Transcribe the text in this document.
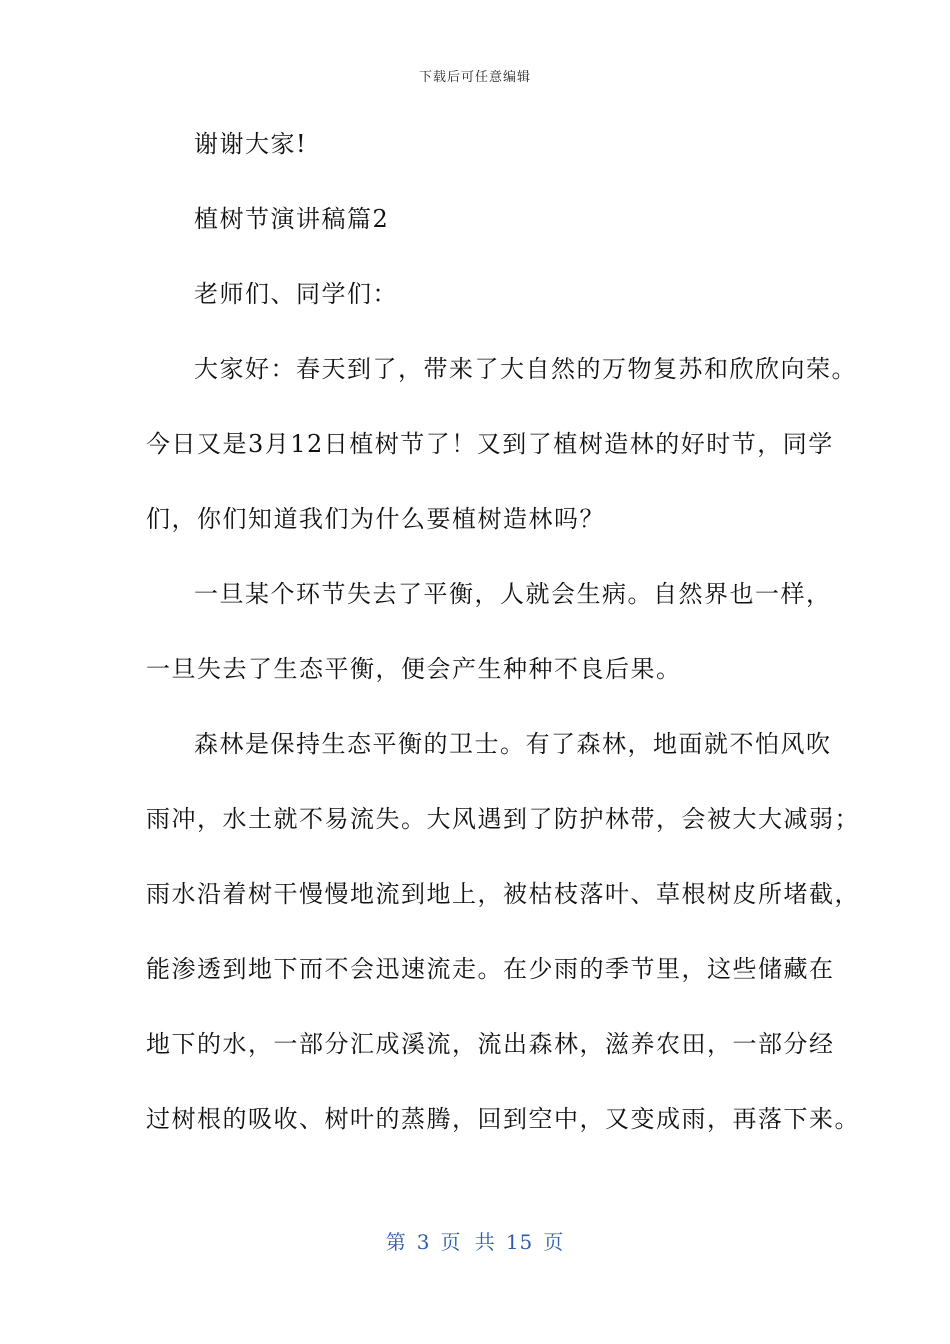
下载后可任意编辑
谢谢大家!
植树节演讲稿篇2
老师们、同学们：
大家好：春天到了，带来了大自然的万物复苏和欣欣向荣。
今日又是3月12日植树节了！又到了植树造林的好时节，同学
们，你们知道我们为什么要植树造林吗？
一旦某个环节失去了平衡，人就会生病。自然界也一样，
一旦失去了生态平衡，便会产生种种不良后果。
森林是保持生态平衡的卫士。有了森林，地面就不怕风吹
雨冲，水土就不易流失。大风遇到了防护林带，会被大大减弱；
雨水沿着树干慢慢地流到地上，被枯枝落叶、草根树皮所堵截，
能渗透到地下而不会迅速流走。在少雨的季节里，这些储藏在
地下的水，一部分汇成溪流，流出森林，滋养农田，一部分经
过树根的吸收、树叶的蒸腾，回到空中，又变成雨，再落下来。
第 3 页 共 15 页
